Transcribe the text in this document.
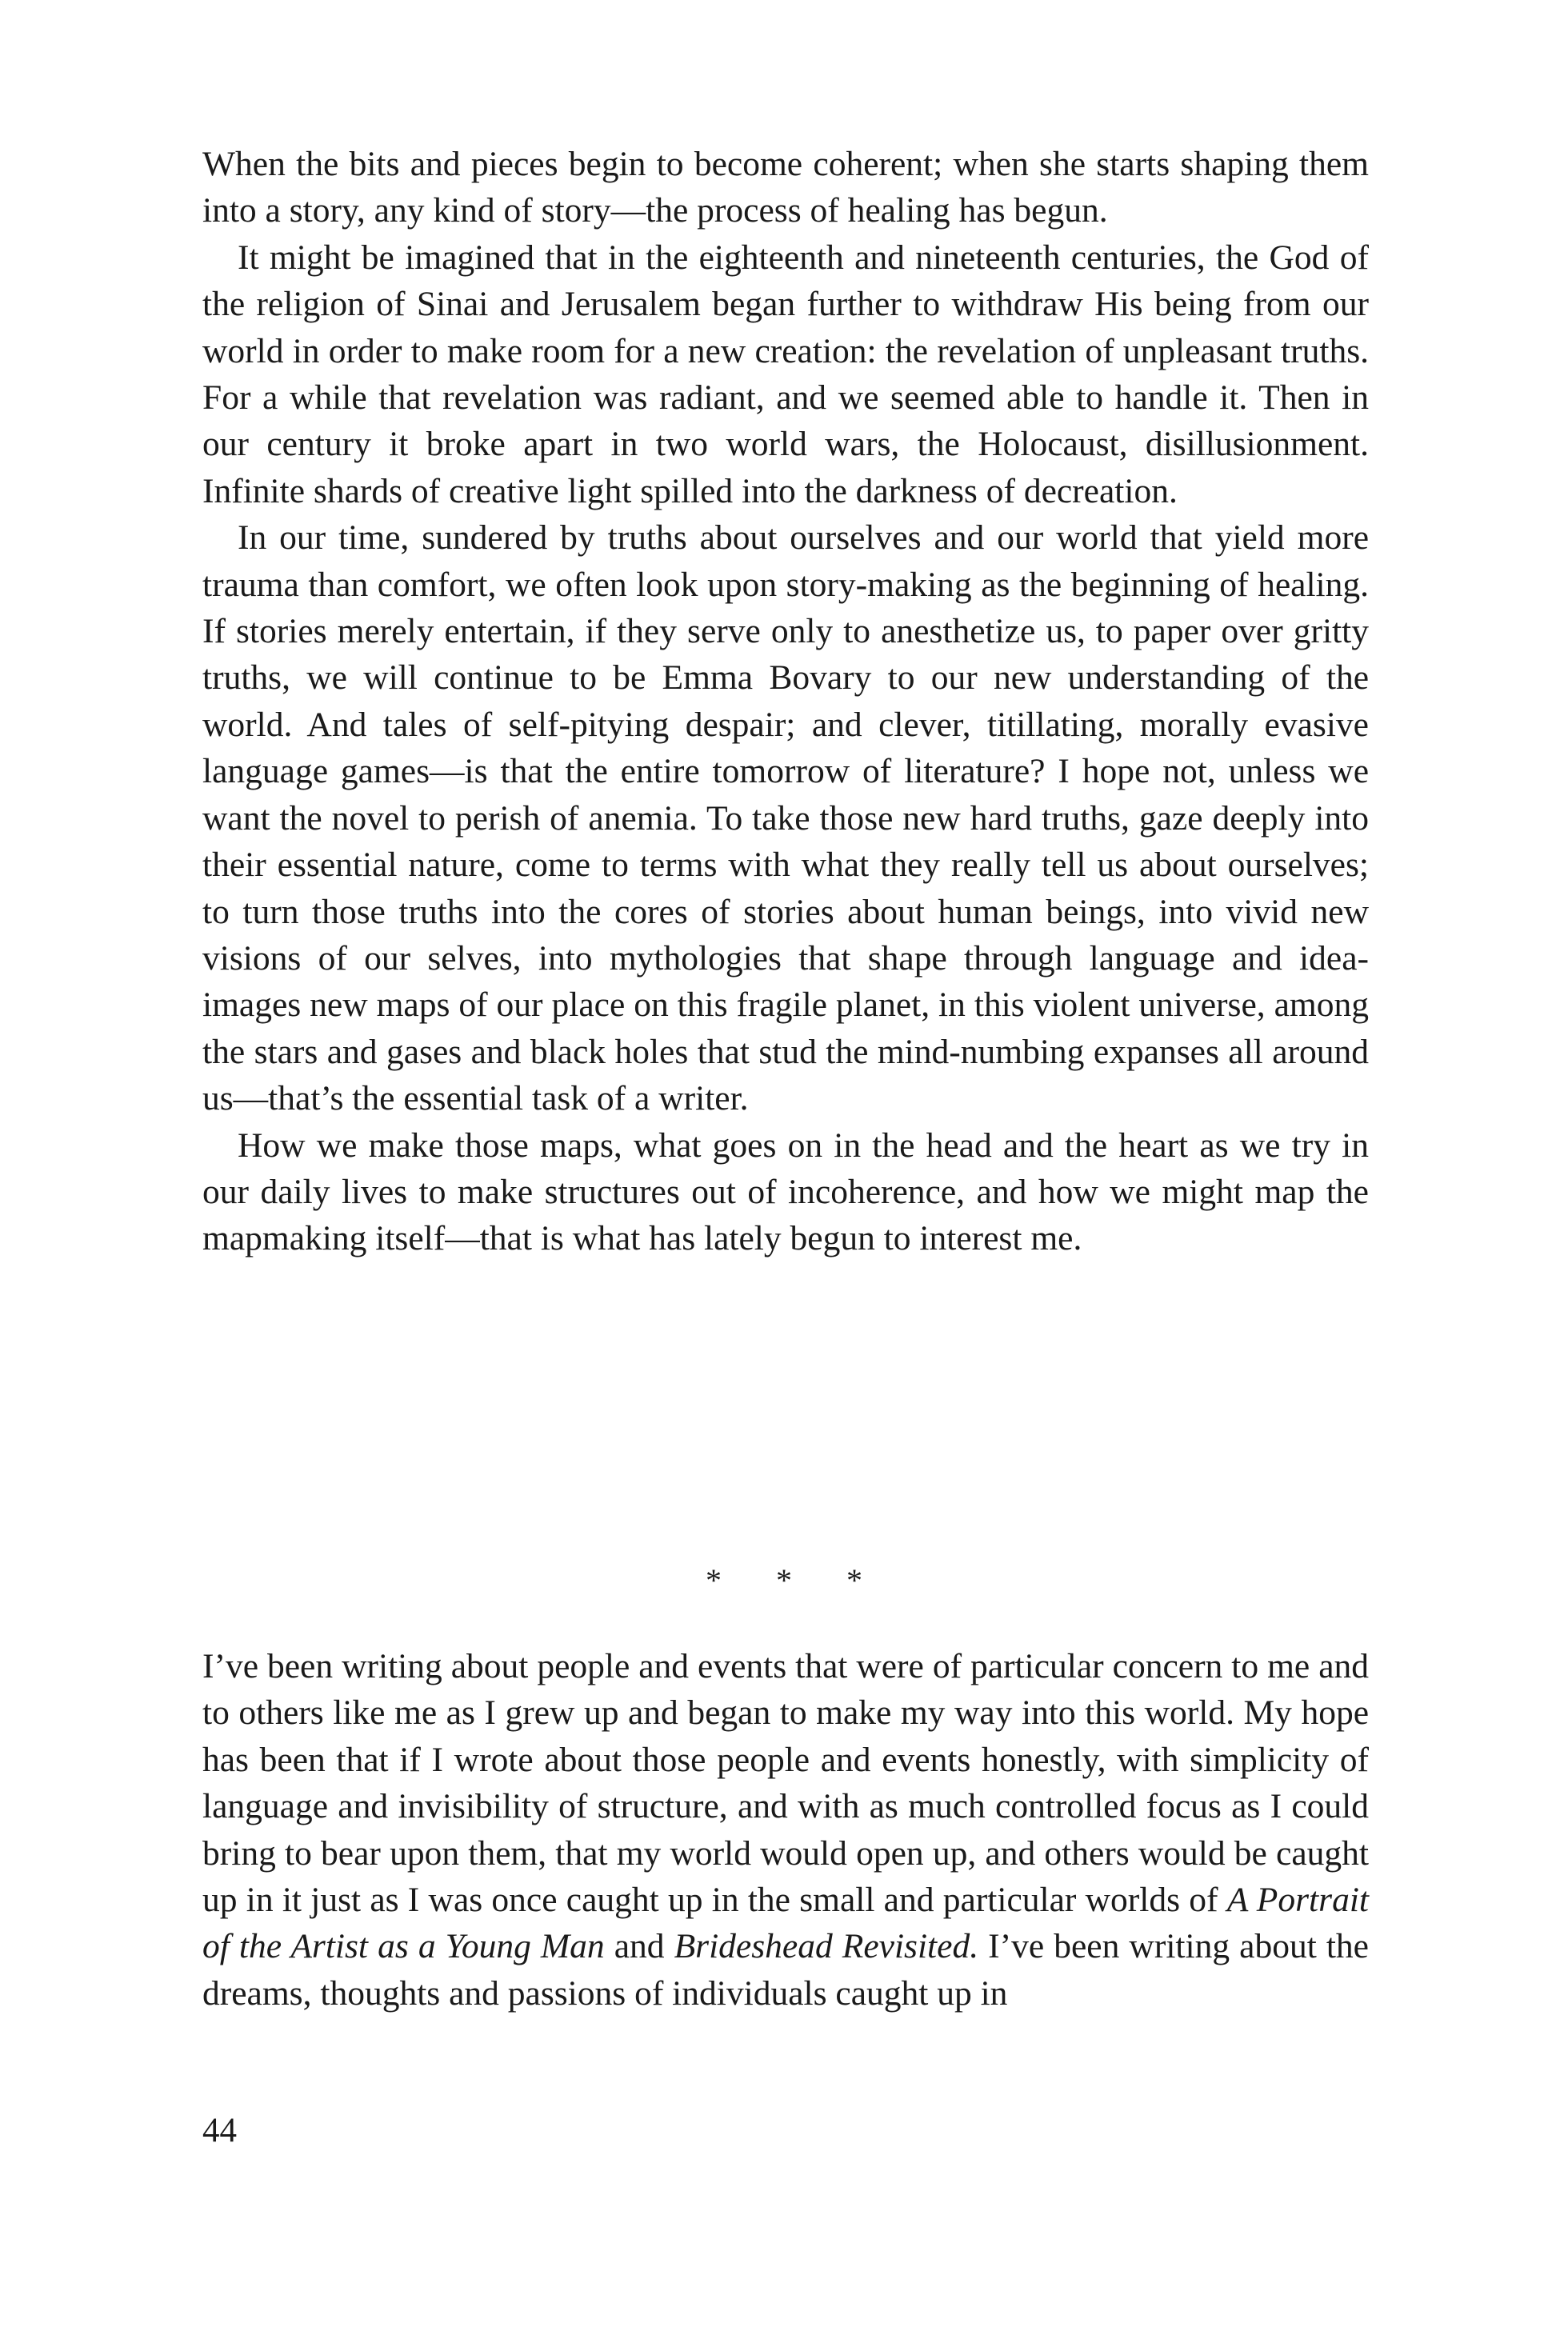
When the bits and pieces begin to become coherent; when she starts shaping them into a story, any kind of story—the process of healing has begun.

It might be imagined that in the eighteenth and nineteenth centuries, the God of the religion of Sinai and Jerusalem began further to withdraw His being from our world in order to make room for a new creation: the revelation of unpleasant truths. For a while that revelation was radiant, and we seemed able to handle it. Then in our century it broke apart in two world wars, the Holocaust, disillusionment. Infinite shards of creative light spilled into the darkness of decreation.

In our time, sundered by truths about ourselves and our world that yield more trauma than comfort, we often look upon story-making as the beginning of healing. If stories merely entertain, if they serve only to anesthetize us, to paper over gritty truths, we will continue to be Emma Bovary to our new understanding of the world. And tales of self-pitying despair; and clever, titillating, morally evasive language games—is that the entire tomorrow of literature? I hope not, unless we want the novel to perish of anemia. To take those new hard truths, gaze deeply into their essential nature, come to terms with what they really tell us about ourselves; to turn those truths into the cores of stories about human beings, into vivid new visions of our selves, into mythologies that shape through language and idea-images new maps of our place on this fragile planet, in this violent universe, among the stars and gases and black holes that stud the mind-numbing expanses all around us—that’s the essential task of a writer.

How we make those maps, what goes on in the head and the heart as we try in our daily lives to make structures out of incoherence, and how we might map the mapmaking itself—that is what has lately begun to interest me.

* * *

I’ve been writing about people and events that were of particular concern to me and to others like me as I grew up and began to make my way into this world. My hope has been that if I wrote about those people and events honestly, with simplicity of language and invisibility of structure, and with as much controlled focus as I could bring to bear upon them, that my world would open up, and others would be caught up in it just as I was once caught up in the small and particular worlds of A Portrait of the Artist as a Young Man and Brideshead Revisited. I’ve been writing about the dreams, thoughts and passions of individuals caught up in

44
